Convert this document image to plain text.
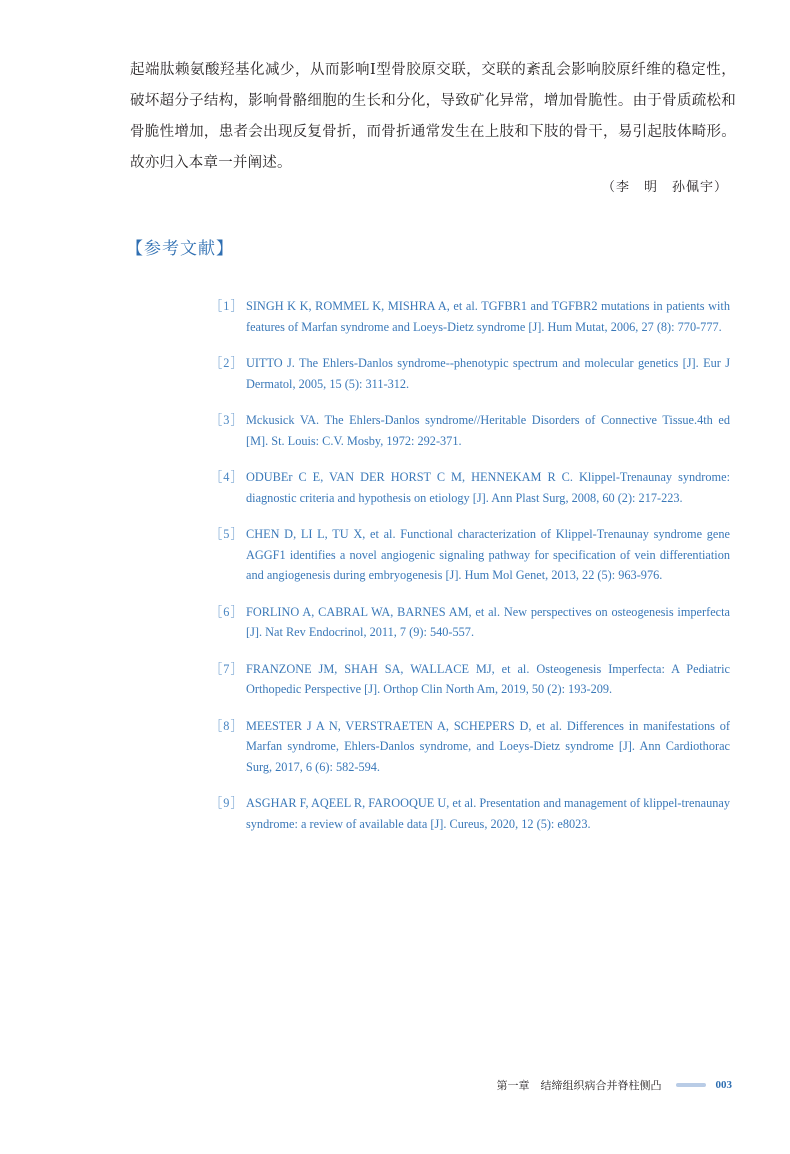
起端肽赖氨酸羟基化减少，从而影响Ⅰ型骨胶原交联，交联的紊乱会影响胶原纤维的稳定性，破坏超分子结构，影响骨骼细胞的生长和分化，导致矿化异常，增加骨脆性。由于骨质疏松和骨脆性增加，患者会出现反复骨折，而骨折通常发生在上肢和下肢的骨干，易引起肢体畸形。故亦归入本章一并阐述。

（李　明　孙佩宇）

【参考文献】
［1］ SINGH K K, ROMMEL K, MISHRA A, et al. TGFBR1 and TGFBR2 mutations in patients with features of Marfan syndrome and Loeys-Dietz syndrome [J]. Hum Mutat, 2006, 27 (8): 770-777.
［2］ UITTO J. The Ehlers-Danlos syndrome--phenotypic spectrum and molecular genetics [J]. Eur J Dermatol, 2005, 15 (5): 311-312.
［3］ Mckusick VA. The Ehlers-Danlos syndrome//Heritable Disorders of Connective Tissue.4th ed [M]. St. Louis: C.V. Mosby, 1972: 292-371.
［4］ ODUBEr C E, VAN DER HORST C M, HENNEKAM R C. Klippel-Trenaunay syndrome: diagnostic criteria and hypothesis on etiology [J]. Ann Plast Surg, 2008, 60 (2): 217-223.
［5］ CHEN D, LI L, TU X, et al. Functional characterization of Klippel-Trenaunay syndrome gene AGGF1 identifies a novel angiogenic signaling pathway for specification of vein differentiation and angiogenesis during embryogenesis [J]. Hum Mol Genet, 2013, 22 (5): 963-976.
［6］ FORLINO A, CABRAL WA, BARNES AM, et al. New perspectives on osteogenesis imperfecta [J]. Nat Rev Endocrinol, 2011, 7 (9): 540-557.
［7］ FRANZONE JM, SHAH SA, WALLACE MJ, et al. Osteogenesis Imperfecta: A Pediatric Orthopedic Perspective [J]. Orthop Clin North Am, 2019, 50 (2): 193-209.
［8］ MEESTER J A N, VERSTRAETEN A, SCHEPERS D, et al. Differences in manifestations of Marfan syndrome, Ehlers-Danlos syndrome, and Loeys-Dietz syndrome [J]. Ann Cardiothorac Surg, 2017, 6 (6): 582-594.
［9］ ASGHAR F, AQEEL R, FAROOQUE U, et al. Presentation and management of klippel-trenaunay syndrome: a review of available data [J]. Cureus, 2020, 12 (5): e8023.
第一章　结缔组织病合并脊柱侧凸	003
